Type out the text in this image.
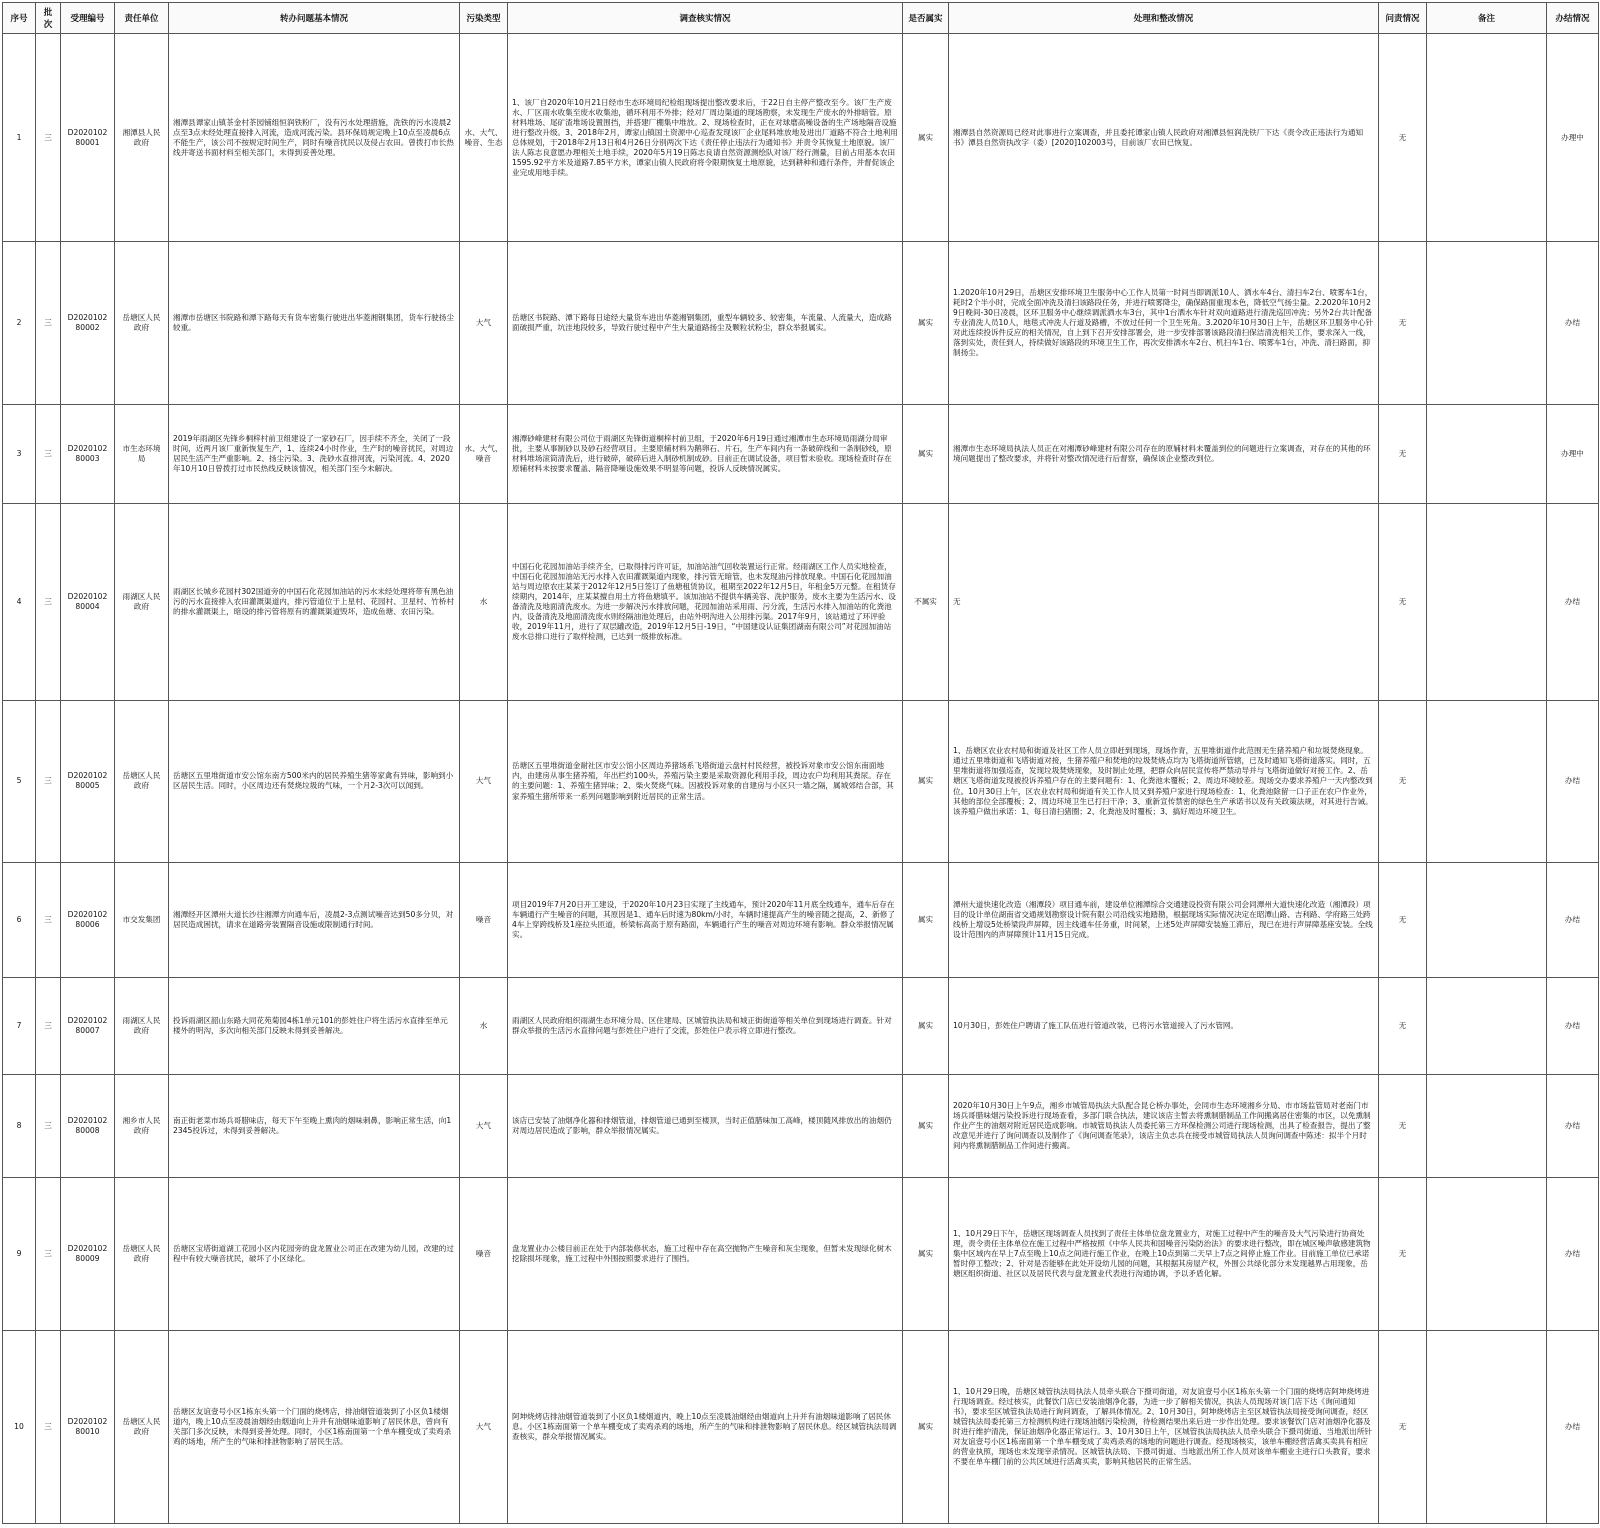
序号	批次	受理编号	责任单位	转办问题基本情况	污染类型	调查核实情况	是否属实	处理和整改情况	问责情况	备注	办结情况
1	三	D2020102 80001	湘潭县人民政府	湘潭县谭家山镇茶金村茶园铺组恒润铁粉厂，没有污水处理措施，洗铁的污水凌晨2点至3点未经处理直接排入河流，造成河流污染。县环保局规定晚上10点至凌晨6点不能生产，该公司不按规定时间生产，同时有噪音扰民以及侵占农田。曾拨打市长热线并寄送书面材料至相关部门，未得到妥善处理。	水、大气、噪音、生态	1、该厂自2020年10月21日经市生态环境局纪检组现场提出整改要求后，于22日自主停产整改至今。该厂生产废水、厂区雨水收集至废水收集池，循环利用不外排；经对厂周边渠道的现场勘察，未发现生产废水的外排暗管。原材料堆场、尾矿渣堆场设置围挡，并搭建厂棚集中堆放。2、现场检查时，正在对球磨高噪设备的生产场地隔音设施进行整改升级。3、2018年2月，谭家山镇国土资源中心巡查发现该厂企业尾料堆放地及进出厂道路不符合土地利用总体规划，于2018年2月13日和4月26日分别两次下达《责任停止违法行为通知书》并责令其恢复土地原貌。该厂法人陈志良意愿办理相关土地手续，2020年5月19日陈志良请自然资源测绘队对该厂经行测量，目前占用基本农田1595.92平方米及道路7.85平方米，谭家山镇人民政府将令限期恢复土地原貌，达到耕种和通行条件，并督促该企业完成用地手续。	属实	湘潭县自然资源局已经对此事进行立案调查，并且委托谭家山镇人民政府对湘潭县恒润洗铁厂下达《责令改正违法行为通知书》潭县自然资执改字（委）[2020]102003号，目前该厂农田已恢复。	无		办理中
2	三	D2020102 80002	岳塘区人民政府	湘潭市岳塘区书院路和潭下路每天有货车密集行驶进出华菱湘钢集团，货车行驶扬尘较重。	大气	岳塘区书院路、潭下路每日途经大量货车进出华菱湘钢集团，重型车辆较多、较密集，车流量、人流量大，造成路面破损严重，坑洼地段较多，导致行驶过程中产生大量道路扬尘及颗粒状粉尘，群众举报属实。	属实	1.2020年10月29日，岳塘区安排环境卫生服务中心工作人员第一时间当即调派10人、洒水车4台、清扫车2台、喷雾车1台，耗时2个半小时，完成全面冲洗及清扫该路段任务，并进行喷雾降尘，确保路面重现本色，降低空气扬尘量。2.2020年10月29日晚间-30日凌晨，区环卫服务中心继续调派洒水车3台，其中1台洒水车针对双向道路进行清洗巡回冲洗；另外2台共计配备专业清洗人员10人，地毯式冲洗人行道及路槽，不放过任何一个卫生死角。3.2020年10月30日上午，岳塘区环卫服务中心针对此连续投诉件反应的相关情况，自上到下召开安排部署会，进一步安排部署该路段清扫保洁清洗相关工作，要求深入一线，落到实处，责任到人，持续做好该路段的环境卫生工作，再次安排洒水车2台、机扫车1台、喷雾车1台，冲洗、清扫路面，抑制扬尘。	无		办结
3	三	D2020102 80003	市生态环境局	2019年雨湖区先锋乡桐梓村前卫组建设了一家砂石厂，因手续不齐全，关闭了一段时间，近两月该厂重新恢复生产，1、连续24小时作业，生产时的噪音扰民，对周边居民生活产生严重影响。2、扬尘污染。3、洗砂水直排河流，污染河流。4、2020年10月10日曾拨打过市民热线反映该情况，相关部门至今未解决。	水、大气、噪音	湘潭砂峰建材有限公司位于雨湖区先锋街道桐梓村前卫组，于2020年6月19日通过湘潭市生态环境局雨湖分局审批，主要从事制砂以及砂石经营项目。主要原辅材料为鹅卵石、片石，生产车间内有一条破碎线和一条制砂线，原材料堆场滚筒清洗后，进行破碎，破碎后进入制砂机制成砂。目前正在调试设备，项目暂未验收。现场检查时存在原辅材料未按要求覆盖、隔音降噪设施效果不明显等问题，投诉人反映情况属实。	属实	湘潭市生态环境局执法人员正在对湘潭砂峰建材有限公司存在的原辅材料未覆盖到位的问题进行立案调查，对存在的其他的环境问题提出了整改要求，并将针对整改情况进行后督察，确保该企业整改到位。	无		办理中
4	三	D2020102 80004	雨湖区人民政府	雨湖区长城乡花园村302国道旁的中国石化花园加油站的污水未经处理将带有黑色油污的污水直接排入农田灌溉渠道内，排污管道位于上星村、花园村、卫星村、竹桥村的排水灌溉渠上，暗设的排污管将原有的灌溉渠道毁坏，造成鱼塘、农田污染。	水	中国石化花园加油站手续齐全，已取得排污许可证，加油站油气回收装置运行正常。经雨湖区工作人员实地检查，中国石化花园加油站无污水排入农田灌溉渠道内现象，排污管无暗管，也未发现油污排放现象。中国石化花园加油站与周边原农庄某某于2012年12月5日签订了鱼塘租赁协议，租期至2022年12月5日，年租金5万元整。在租赁存续期内，2014年，庄某某擅自用土方将鱼塘填平。该加油站不提供车辆美容、洗护服务，废水主要为生活污水、设备清洗及地面清洗废水。为进一步解决污水排放问题，花园加油站采用雨、污分流，生活污水排入加油站的化粪池内，设备清洗及地面清洗废水则经隔油池处理后，由站外明沟进入公用排污渠。2017年9月，该站通过了环评验收，2019年11月，进行了双层罐改造，2019年12月5日-19日，“中国建设认证集团湖南有限公司”对花园加油站废水总排口进行了取样检测，已达到一级排放标准。	不属实	无	无		办结
5	三	D2020102 80005	岳塘区人民政府	岳塘区五里堆街道市安公馆东南方500米内的居民养殖生猪等家禽有异味，影响到小区居民生活。同时，小区周边还有焚烧垃圾的气味，一个月2-3次可以闻到。	大气	岳塘区五里堆街道金耐社区市安公馆小区周边养猪场系飞塔街道云盘村村民经营，被投诉对象市安公馆东南面地内，由建房从事生猪养殖，年出栏约100头，养殖污染主要是采取资源化利用手段，周边农户均利用其粪尿。存在的主要问题：1、养殖生猪异味；2、柴火焚烧气味。因被投诉对象的自建房与小区只一墙之隔，属城郊结合部，其家养殖生猪所带来一系列问题影响到附近居民的正常生活。	属实	1、岳塘区农业农村局和街道及社区工作人员立即赶到现场，现场作青，五里堆街道作此范围无生猪养殖户和垃圾焚烧现象。通过五里堆街道和飞塔街道对接，生猪养殖户和焚地的垃圾焚烧点均为飞塔街道所管辖，已及时通知飞塔街道落实。同时，五里堆街道将加强巡查，发现垃圾焚烧现象，及时制止处理，把群众向居民宣传将严禁动导并与飞塔街道做好对接工作。2、岳塘区飞塔街道发现被投诉养殖户存在的主要问题有：1、化粪池未覆板；2、周边环境较差。现场交办要求养殖户一天内整改到位。10月30日上午，区农业农村局和街道有关工作人员又到养殖户家进行现场检查：1、化粪池除留一口子正在农户作业外，其他的部位全部覆板；2、周边环境卫生已打扫干净；3、重新宣传禁密的绿色生产承诺书以及有关政策法规，对其进行告诫。该养殖户做出承诺：1、每日清扫猪圈；2、化粪池及时覆板；3、搞好周边环境卫生。	无		办结
6	三	D2020102 80006	市交发集团	湘潭经开区潭州大道长沙往湘潭方向通车后，凌晨2-3点测试噪音达到50多分贝，对居民造成困扰，请求在道路旁装置隔音设施或限制通行时间。	噪音	项目2019年7月20日开工建设，于2020年10月23日实现了主线通车，预计2020年11月底全线通车，通车后存在车辆通行产生噪音的问题，其原因是1、通车后时速为80km/小时，车辆时速提高产生的噪音随之提高，2、新修了4车上穿跨线桥及1座拉头匝道，桥梁标高高于原有路面，车辆通行产生的噪音对周边环境有影响。群众举报情况属实。	属实	潭州大道快速化改造（湘潭段）项目通车前，建设单位湘潭综合交通建设投资有限公司会同潭州大道快速化改造（湘潭段）项目的设计单位湖南省交通规划勘察设计院有限公司沿线实地踏勘，根据现场实际情况决定在昭潭山路、吉利路、学府路三处跨线桥上增设5处桥梁段声屏障，因主线通车任务重，时间紧，上述5处声屏障安装施工滞后，现已在进行声屏障基座安装。全线设计范围内的声屏障预计11月15日完成。	无		办结
7	三	D2020102 80007	雨湖区人民政府	投诉雨湖区韶山东路大同花苑菊园4栋1单元101的彭姓住户将生活污水直排至单元楼外的明沟，多次向相关部门反映未得到妥善解决。	水	雨湖区人民政府组织雨湖生态环境分局、区住建局、区城管执法局和城正街街道等相关单位到现场进行调查。针对群众举报的生活污水直排问题与彭姓住户进行了交流，彭姓住户表示将立即进行整改。	属实	10月30日，彭姓住户聘请了施工队伍进行管道改装，已将污水管道接入了污水管网。	无		办结
8	三	D2020102 80008	湘乡市人民政府	南正街老菜市场兵哥腊味店，每天下午至晚上熏肉的烟味刺鼻，影响正常生活，向12345投诉过，未得到妥善解决。	大气	该店已安装了油烟净化器和排烟管道，排烟管道已通到至楼顶，当时正值腊味加工高峰，楼顶随风排放出的油烟仍对周边居民造成了影响，群众举报情况属实。	属实	2020年10月30日上午9点，湘乡市城管局执法大队配合昆仑桥办事处，会同市生态环境湘乡分局、市市场监管局对老南门市场兵哥腊味烟污染投诉进行现场查看，多部门联合执法，建议该店主暂去将熏制腊制品工作间搬离居住密集的市区，以免熏制作业产生的油烟对附近居民造成影响。市城管局执法人员委托第三方环保检测公司进行现场检测，出具了检查报告，提出了整改意见并进行了询问调查以及制作了《询问调查笔录》，该店主负志兵在接受市城管局执法人员询问调查中陈述：拟半个月时间内将熏制腊制品工作间进行搬离。	无		办结
9	三	D2020102 80009	岳塘区人民政府	岳塘区宝塔街道湖工花园小区内花园旁的盘龙置业公司正在改建为幼儿园，改建的过程中有较大噪音扰民，破坏了小区绿化。	噪音	盘龙置业办公楼目前正在处于内部装修状态，施工过程中存在高空抛物产生噪音和灰尘现象，但暂未发现绿化树木挖除损坏现象，施工过程中外围按照要求进行了围挡。	属实	1、10月29日下午，岳塘区现场调查人员找到了责任主体单位盘龙置业方，对施工过程中产生的噪音及大气污染进行协商处理，责令责任主体单位在施工过程中严格按照《中华人民共和国噪音污染防治法》的要求进行整改，即在城区噪声敏感建筑物集中区域内在早上7点至晚上10点之间进行施工作业，在晚上10点到第二天早上7点之间停止施工作业。目前施工单位已承诺暂时停工整改；2、针对是否能够在此处开设幼儿园的问题，其根据其房屋产权，外围公共绿化部分未发现越界占用现象，岳塘区组织街道、社区以及居民代表与盘龙置业代表进行沟通协调，予以矛盾化解。	无		办结
10	三	D2020102 80010	岳塘区人民政府	岳塘区友谊壹号小区1栋东头第一个门面的烧烤店，排油烟管道装到了小区负1楼烟道内，晚上10点至凌晨油烟经由烟道向上升并有油烟味道影响了居民休息，曾向有关部门多次反映，未得到妥善处理。同时，小区1栋南面第一个单车棚变成了卖鸡杀鸡的场地，所产生的气味和排泄物影响了居民生活。	大气	阿坤烧烤店排油烟管道装到了小区负1楼烟道内，晚上10点至凌晨油烟经由烟道向上升并有油烟味道影响了居民休息。小区1栋南面第一个单车棚变成了卖鸡杀鸡的场地，所产生的气味和排泄物影响了居民休息。经区城管执法局调查核实，群众举报情况属实。	属实	1、10月29日晚，岳塘区城管执法局执法人员牵头联合下摄司街道，对友谊壹号小区1栋东头第一个门面的烧烤店阿坤烧烤进行现场调查。经过核实，此餐饮门店已安装油烟净化器，为进一步了解相关情况，执法人员现场对该门店下达《询问通知书》，要求至区城管执法局进行询问调查，了解具体情况。2、10月30日，阿坤烧烤店主至区城管执法局接受询问调查，经区城管执法局委托第三方检测机构进行现场油烟污染检测，待检测结果出来后进一步作出处理。要求该餐饮门店对油烟净化器及时进行维护清洗，保证油烟净化器正常运行。3、10月30日上午，区城管执法局执法人员牵头联合下摄司街道、当地派出所针对友谊壹号小区1栋南面第一个单车棚变成了卖鸡杀鸡的场地的问题进行调查。经现场核实，该单车棚经营活禽买卖具有相应的营业执照，现场也未发现宰杀情况。区城管执法局、下摄司街道、当地派出所工作人员对该单车棚业主进行口头教育，要求不要在单车棚门前的公共区域进行活禽买卖，影响其他居民的正常生活。	无		办结
